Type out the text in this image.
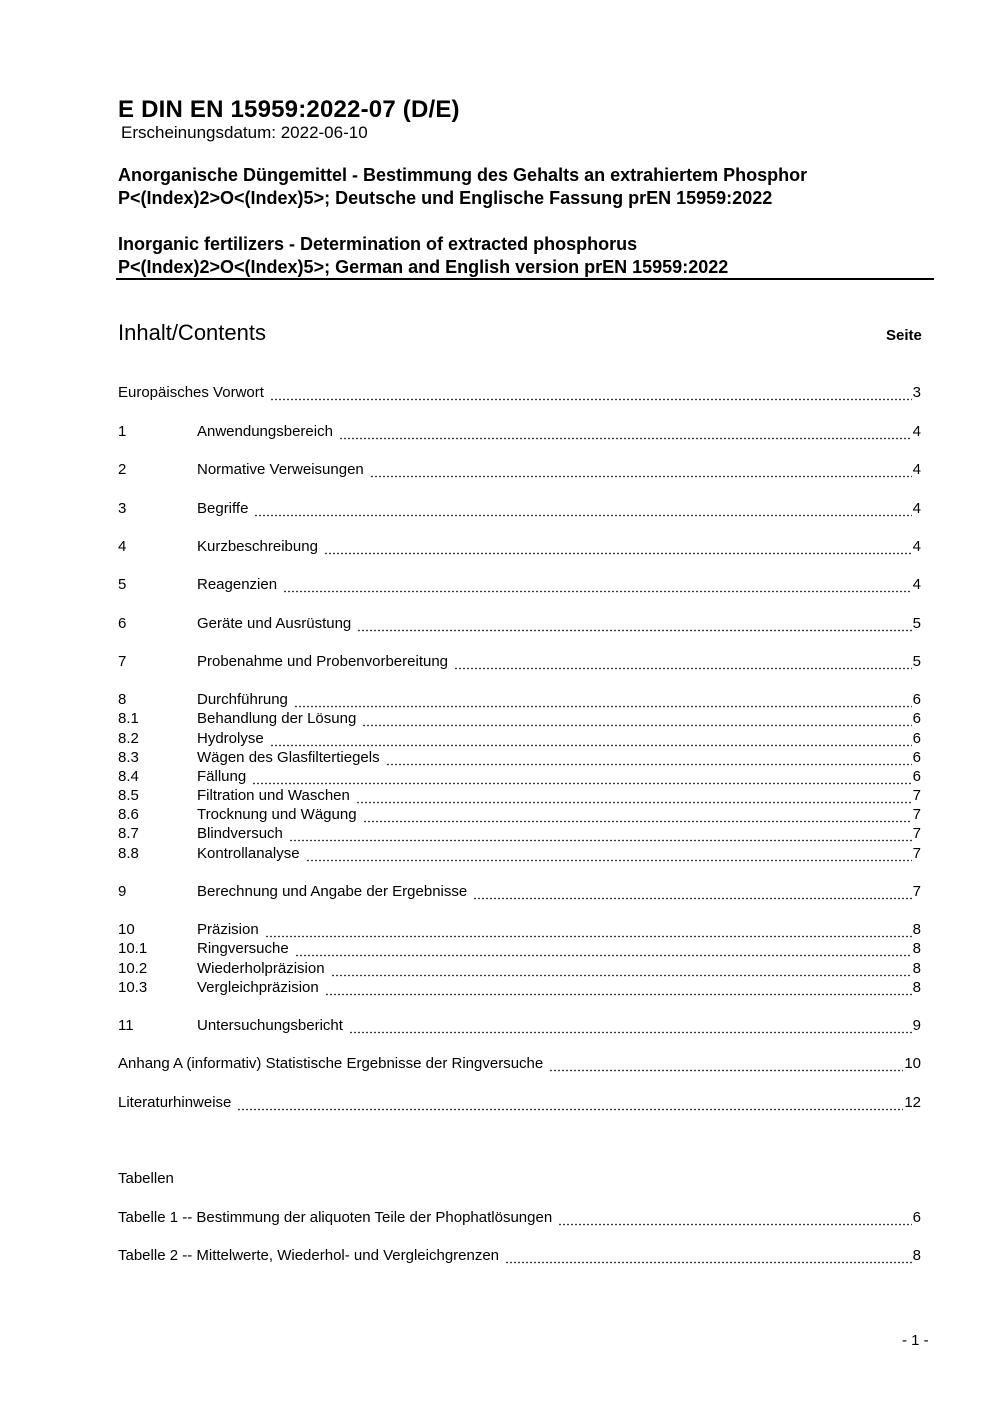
E DIN EN 15959:2022-07 (D/E)
Erscheinungsdatum: 2022-06-10
Anorganische Düngemittel - Bestimmung des Gehalts an extrahiertem Phosphor
P<(Index)2>O<(Index)5>; Deutsche und Englische Fassung prEN 15959:2022
Inorganic fertilizers - Determination of extracted phosphorus
P<(Index)2>O<(Index)5>; German and English version prEN 15959:2022
Inhalt/Contents	Seite
Europäisches Vorwort	3
1	Anwendungsbereich	4
2	Normative Verweisungen	4
3	Begriffe	4
4	Kurzbeschreibung	4
5	Reagenzien	4
6	Geräte und Ausrüstung	5
7	Probenahme und Probenvorbereitung	5
8	Durchführung	6
8.1	Behandlung der Lösung	6
8.2	Hydrolyse	6
8.3	Wägen des Glasfiltertiegels	6
8.4	Fällung	6
8.5	Filtration und Waschen	7
8.6	Trocknung und Wägung	7
8.7	Blindversuch	7
8.8	Kontrollanalyse	7
9	Berechnung und Angabe der Ergebnisse	7
10	Präzision	8
10.1	Ringversuche	8
10.2	Wiederholpräzision	8
10.3	Vergleichpräzision	8
11	Untersuchungsbericht	9
Anhang A (informativ) Statistische Ergebnisse der Ringversuche	10
Literaturhinweise	12
Tabellen
Tabelle 1 -- Bestimmung der aliquoten Teile der Phophatlösungen	6
Tabelle 2 -- Mittelwerte, Wiederhol- und Vergleichgrenzen	8
- 1 -
